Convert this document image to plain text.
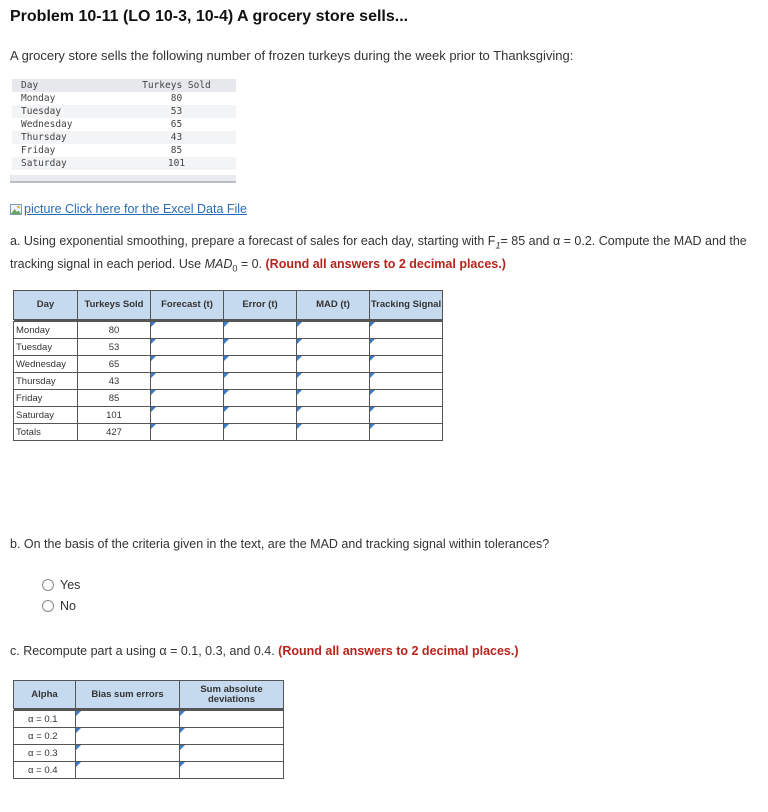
Problem 10-11 (LO 10-3, 10-4) A grocery store sells...
A grocery store sells the following number of frozen turkeys during the week prior to Thanksgiving:
Day	Turkeys Sold
Monday	80
Tuesday	53
Wednesday	65
Thursday	43
Friday	85
Saturday	101
picture Click here for the Excel Data File
a. Using exponential smoothing, prepare a forecast of sales for each day, starting with $F_1= 85$ and α = 0.2. Compute the MAD and the tracking signal in each period. Use $MAD_0 = 0$. (Round all answers to 2 decimal places.)
Day	Turkeys Sold	Forecast (t)	Error (t)	MAD (t)	Tracking Signal

Monday	80				
Tuesday	53				
Wednesday	65				
Thursday	43				
Friday	85				
Saturday	101				
Totals	427				
b. On the basis of the criteria given in the text, are the MAD and tracking signal within tolerances?
Yes
No
c. Recompute part a using α = 0.1, 0.3, and 0.4. (Round all answers to 2 decimal places.)
Alpha	Bias sum errors	Sum absolute deviations

α = 0.1		
α = 0.2		
α = 0.3		
α = 0.4		
